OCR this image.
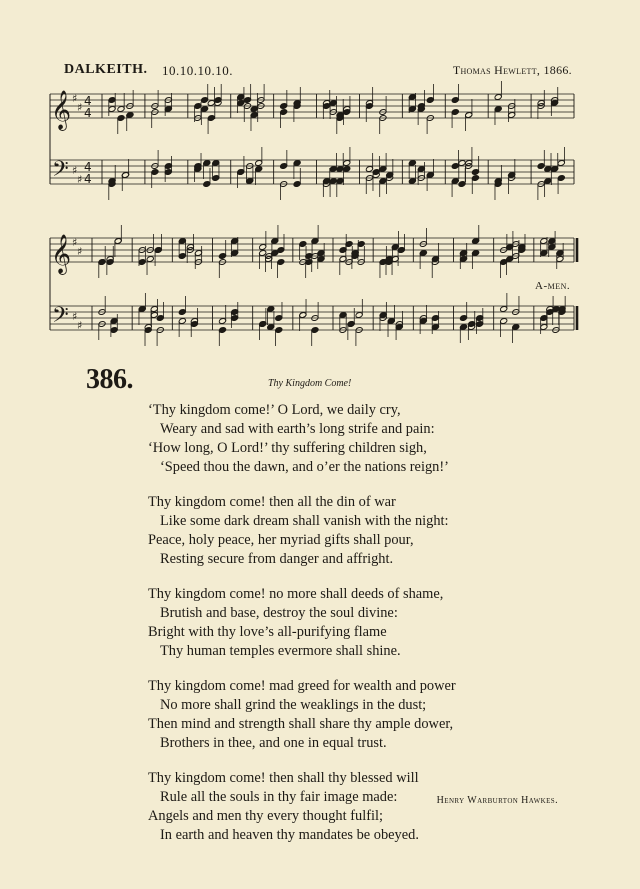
DALKEITH. 10.10.10.10.	Thomas Hewlett, 1866.
𝄞
𝄢
♯
♯
♯
♯
4
4
4
4
𝄞
𝄢
♯
♯
♯
♯
A-men.
386.	Thy Kingdom Come!
‘Thy kingdom come!’ O Lord, we daily cry,
Weary and sad with earth’s long strife and pain:
‘How long, O Lord!’ thy suffering children sigh,
‘Speed thou the dawn, and o’er the nations reign!’
Thy kingdom come! then all the din of war
Like some dark dream shall vanish with the night:
Peace, holy peace, her myriad gifts shall pour,
Resting secure from danger and affright.
Thy kingdom come! no more shall deeds of shame,
Brutish and base, destroy the soul divine:
Bright with thy love’s all-purifying flame
Thy human temples evermore shall shine.
Thy kingdom come! mad greed for wealth and power
No more shall grind the weaklings in the dust;
Then mind and strength shall share thy ample dower,
Brothers in thee, and one in equal trust.
Thy kingdom come! then shall thy blessed will
Rule all the souls in thy fair image made:
Angels and men thy every thought fulfil;
In earth and heaven thy mandates be obeyed.
Henry Warburton Hawkes.
